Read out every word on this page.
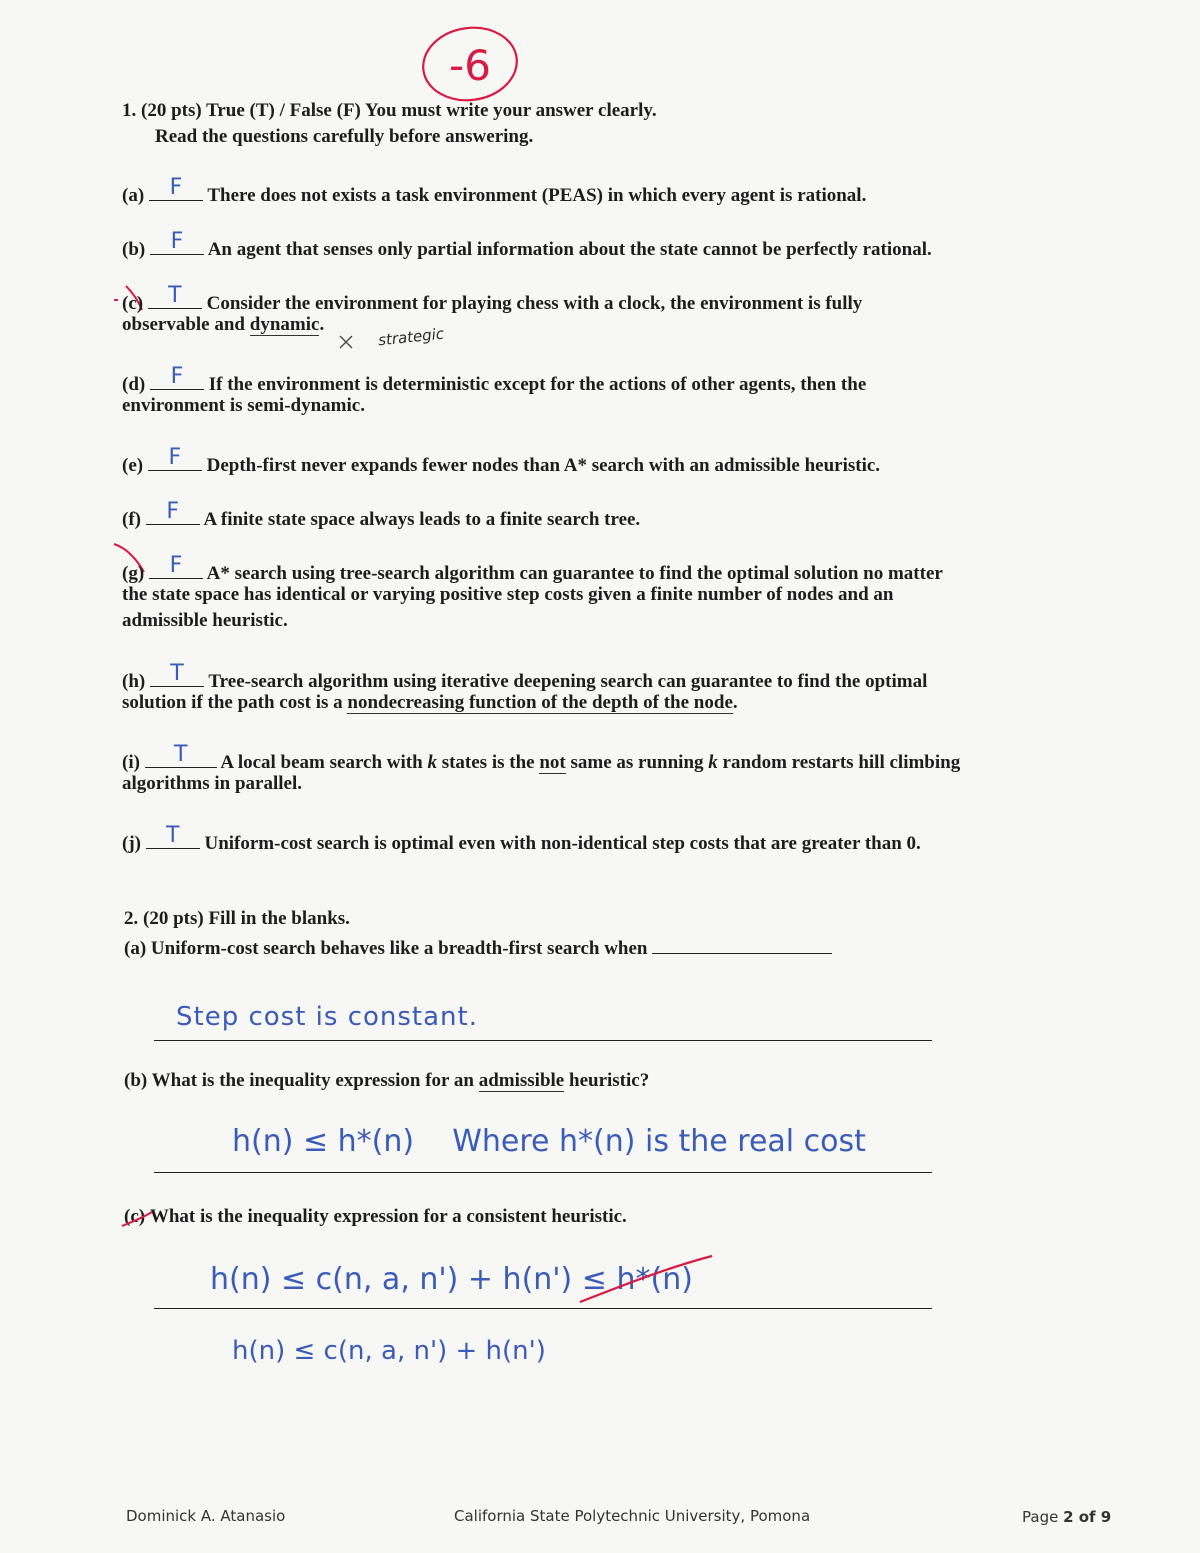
-6
1. (20 pts) True (T) / False (F) You must write your answer clearly.
Read the questions carefully before answering.
(a)	F	There does not exists a task environment (PEAS) in which every agent is rational.
(b)	F	An agent that senses only partial information about the state cannot be perfectly rational.
(c)	T	Consider the environment for playing chess with a clock, the environment is fully
observable and dynamic.
strategic
(d)	F	If the environment is deterministic except for the actions of other agents, then the
environment is semi-dynamic.
(e)	F	Depth-first never expands fewer nodes than A* search with an admissible heuristic.
(f)	F	A finite state space always leads to a finite search tree.
(g)	F	A* search using tree-search algorithm can guarantee to find the optimal solution no matter
the state space has identical or varying positive step costs given a finite number of nodes and an
admissible heuristic.
(h)	T	Tree-search algorithm using iterative deepening search can guarantee to find the optimal
solution if the path cost is a nondecreasing function of the depth of the node.
(i)	T	A local beam search with k states is the not same as running k random restarts hill climbing
algorithms in parallel.
(j)	T	Uniform-cost search is optimal even with non-identical step costs that are greater than 0.
2. (20 pts) Fill in the blanks.
(a) Uniform-cost search behaves like a breadth-first search when
Step cost is constant.
(b) What is the inequality expression for an admissible heuristic?
h(n) ≤ h*(n)    Where h*(n) is the real cost
(c)
What is the inequality expression for a consistent heuristic.
h(n) ≤ c(n, a, n') + h(n') ≤ h*(n)
h(n) ≤ c(n, a, n') + h(n')
Dominick A. Atanasio	California State Polytechnic University, Pomona	Page 2 of 9
